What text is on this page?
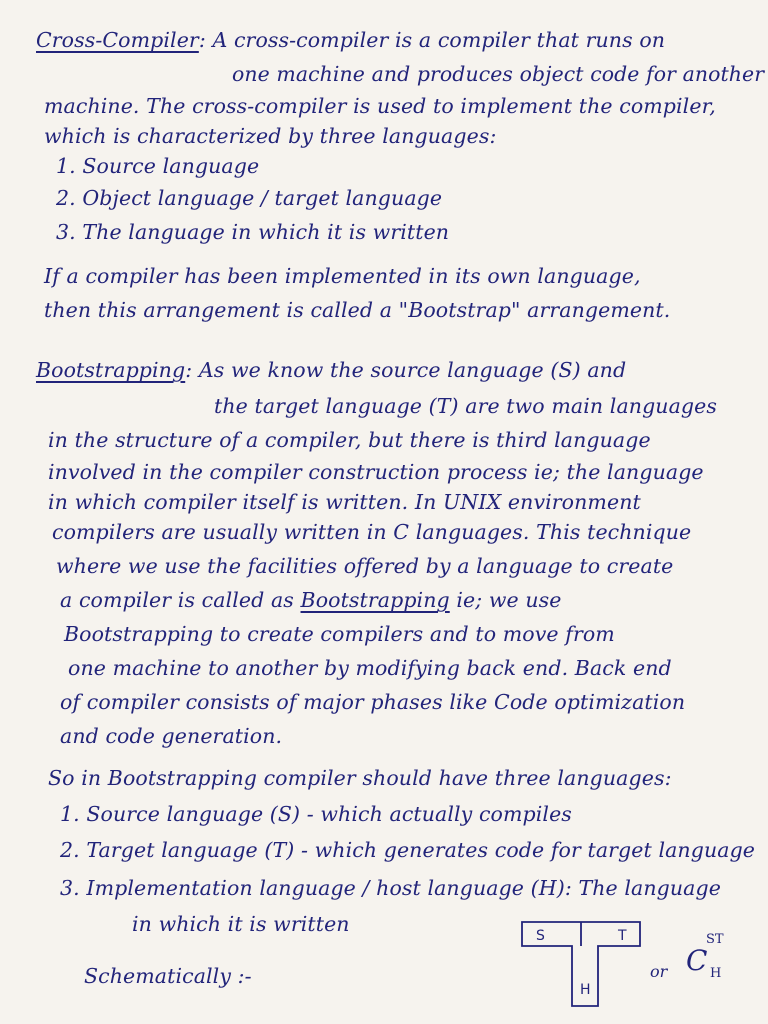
Cross-Compiler: A cross-compiler is a compiler that runs on
one machine and produces object code for another
machine. The cross-compiler is used to implement the compiler,
which is characterized by three languages:
1. Source language
2. Object language / target language
3. The language in which it is written
If a compiler has been implemented in its own language,
then this arrangement is called a "Bootstrap" arrangement.
Bootstrapping: As we know the source language (S) and
the target language (T) are two main languages
in the structure of a compiler, but there is third language
involved in the compiler construction process ie; the language
in which compiler itself is written. In UNIX environment
compilers are usually written in C languages. This technique
where we use the facilities offered by a language to create
a compiler is called as Bootstrapping ie; we use
Bootstrapping to create compilers and to move from
one machine to another by modifying back end. Back end
of compiler consists of major phases like Code optimization
and code generation.
So in Bootstrapping compiler should have three languages:
1. Source language (S) - which actually compiles
2. Target language (T) - which generates code for target language
3. Implementation language / host language (H): The language
in which it is written
Schematically :-
S	T
H
or C
ST
H
